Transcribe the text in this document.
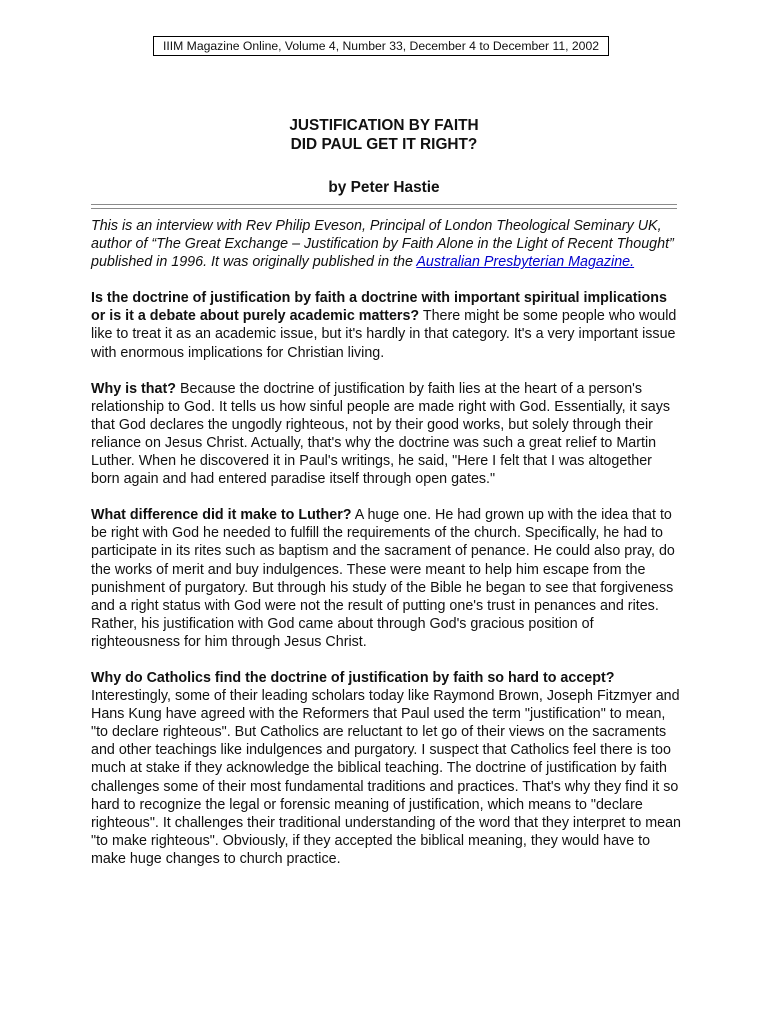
IIIM Magazine Online, Volume 4, Number 33, December 4 to December 11, 2002
JUSTIFICATION BY FAITH
DID PAUL GET IT RIGHT?
by Peter Hastie

This is an interview with Rev Philip Eveson, Principal of London Theological Seminary UK, author of “The Great Exchange – Justification by Faith Alone in the Light of Recent Thought” published in 1996. It was originally published in the Australian Presbyterian Magazine.

Is the doctrine of justification by faith a doctrine with important spiritual implications or is it a debate about purely academic matters? There might be some people who would like to treat it as an academic issue, but it's hardly in that category. It's a very important issue with enormous implications for Christian living.

Why is that? Because the doctrine of justification by faith lies at the heart of a person's relationship to God. It tells us how sinful people are made right with God. Essentially, it says that God declares the ungodly righteous, not by their good works, but solely through their reliance on Jesus Christ. Actually, that's why the doctrine was such a great relief to Martin Luther. When he discovered it in Paul's writings, he said, "Here I felt that I was altogether born again and had entered paradise itself through open gates."

What difference did it make to Luther? A huge one. He had grown up with the idea that to be right with God he needed to fulfill the requirements of the church. Specifically, he had to participate in its rites such as baptism and the sacrament of penance. He could also pray, do the works of merit and buy indulgences. These were meant to help him escape from the punishment of purgatory. But through his study of the Bible he began to see that forgiveness and a right status with God were not the result of putting one's trust in penances and rites. Rather, his justification with God came about through God's gracious position of righteousness for him through Jesus Christ.

Why do Catholics find the doctrine of justification by faith so hard to accept? Interestingly, some of their leading scholars today like Raymond Brown, Joseph Fitzmyer and Hans Kung have agreed with the Reformers that Paul used the term "justification" to mean, "to declare righteous". But Catholics are reluctant to let go of their views on the sacraments and other teachings like indulgences and purgatory. I suspect that Catholics feel there is too much at stake if they acknowledge the biblical teaching. The doctrine of justification by faith challenges some of their most fundamental traditions and practices. That's why they find it so hard to recognize the legal or forensic meaning of justification, which means to "declare righteous". It challenges their traditional understanding of the word that they interpret to mean "to make righteous". Obviously, if they accepted the biblical meaning, they would have to make huge changes to church practice.
